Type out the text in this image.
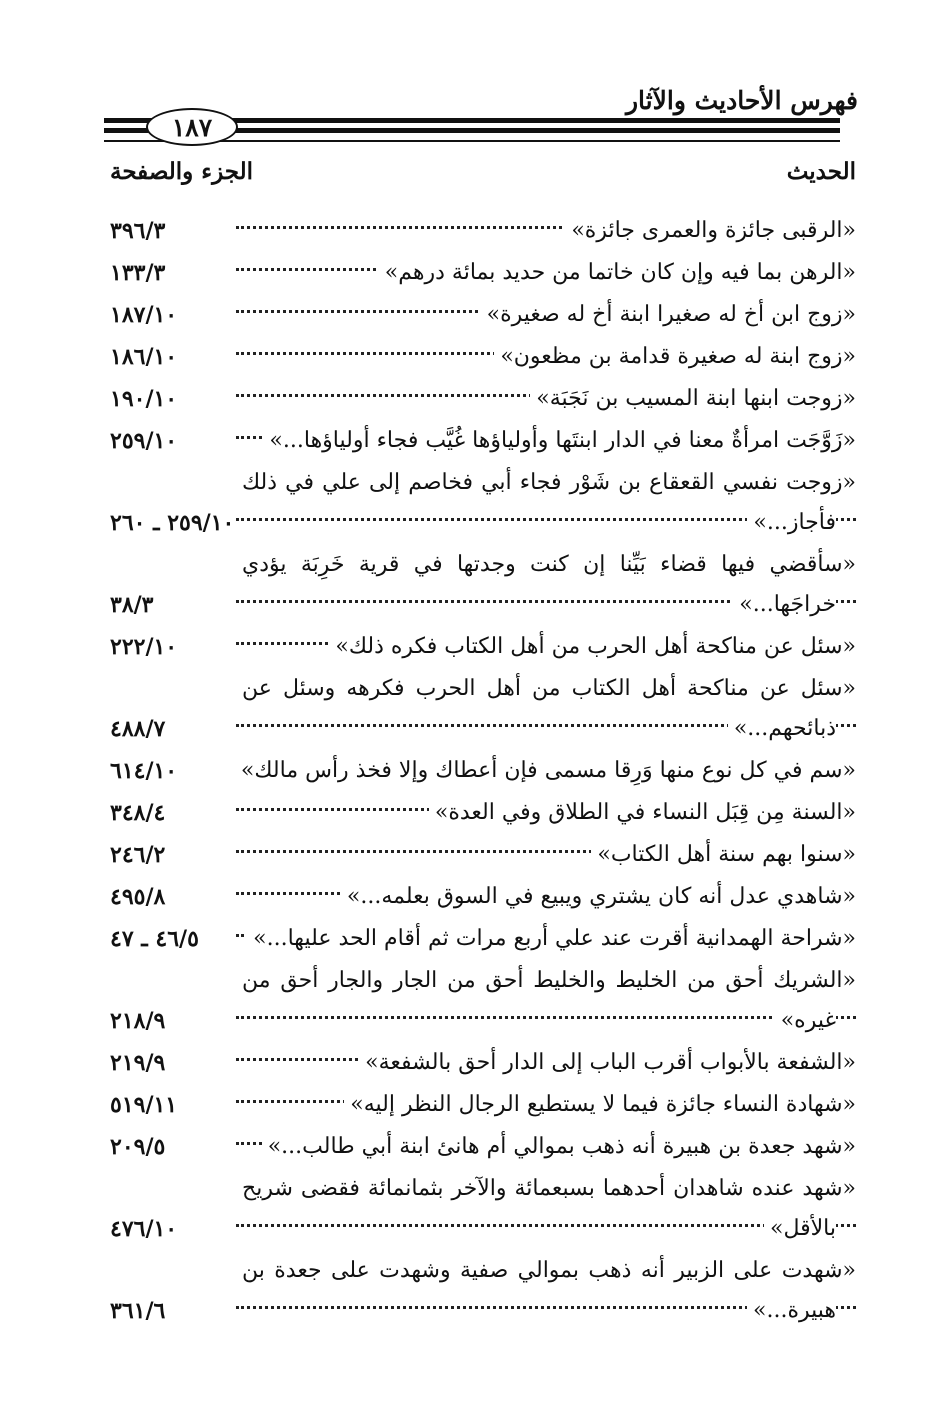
فهرس الأحاديث والآثار
١٨٧
الحديث
الجزء والصفحة
«الرقبى جائزة والعمرى جائزة»
٣٩٦/٣
«الرهن بما فيه وإن كان خاتما من حديد بمائة درهم»
١٣٣/٣
«زوج ابن أخ له صغيرا ابنة أخ له صغيرة»
١٨٧/١٠
«زوج ابنة له صغيرة قدامة بن مظعون»
١٨٦/١٠
«زوجت ابنها ابنة المسيب بن نَجَبَة»
١٩٠/١٠
«زَوَّجَت امرأةٌ معنا في الدار ابنتَها وأولياؤها غُيَّب فجاء أولياؤها...»
٢٥٩/١٠
«زوجت نفسي القعقاع بن شَوْر فجاء أبي فخاصم إلى علي في ذلك
فأجاز...»
٢٥٩/١٠ ـ ٢٦٠
«سأقضي فيها قضاء بَيِّنا إن كنت وجدتها في قرية خَرِبَة يؤدي
خراجَها...»
٣٨/٣
«سئل عن مناكحة أهل الحرب من أهل الكتاب فكره ذلك»
٢٢٢/١٠
«سئل عن مناكحة أهل الكتاب من أهل الحرب فكرهه وسئل عن
ذبائحهم...»
٤٨٨/٧
«سم في كل نوع منها وَرِقا مسمى فإن أعطاك وإلا فخذ رأس مالك»
٦١٤/١٠
«السنة مِن قِبَل النساء في الطلاق وفي العدة»
٣٤٨/٤
«سنوا بهم سنة أهل الكتاب»
٢٤٦/٢
«شاهدي عدل أنه كان يشتري ويبيع في السوق بعلمه...»
٤٩٥/٨
«شراحة الهمدانية أقرت عند علي أربع مرات ثم أقام الحد عليها...»
٤٦/٥ ـ ٤٧
«الشريك أحق من الخليط والخليط أحق من الجار والجار أحق من
غيره»
٢١٨/٩
«الشفعة بالأبواب أقرب الباب إلى الدار أحق بالشفعة»
٢١٩/٩
«شهادة النساء جائزة فيما لا يستطيع الرجال النظر إليه»
٥١٩/١١
«شهد جعدة بن هبيرة أنه ذهب بموالي أم هانئ ابنة أبي طالب...»
٢٠٩/٥
«شهد عنده شاهدان أحدهما بسبعمائة والآخر بثمانمائة فقضى شريح
بالأقل»
٤٧٦/١٠
«شهدت على الزبير أنه ذهب بموالي صفية وشهدت على جعدة بن
هبيرة...»
٣٦١/٦
